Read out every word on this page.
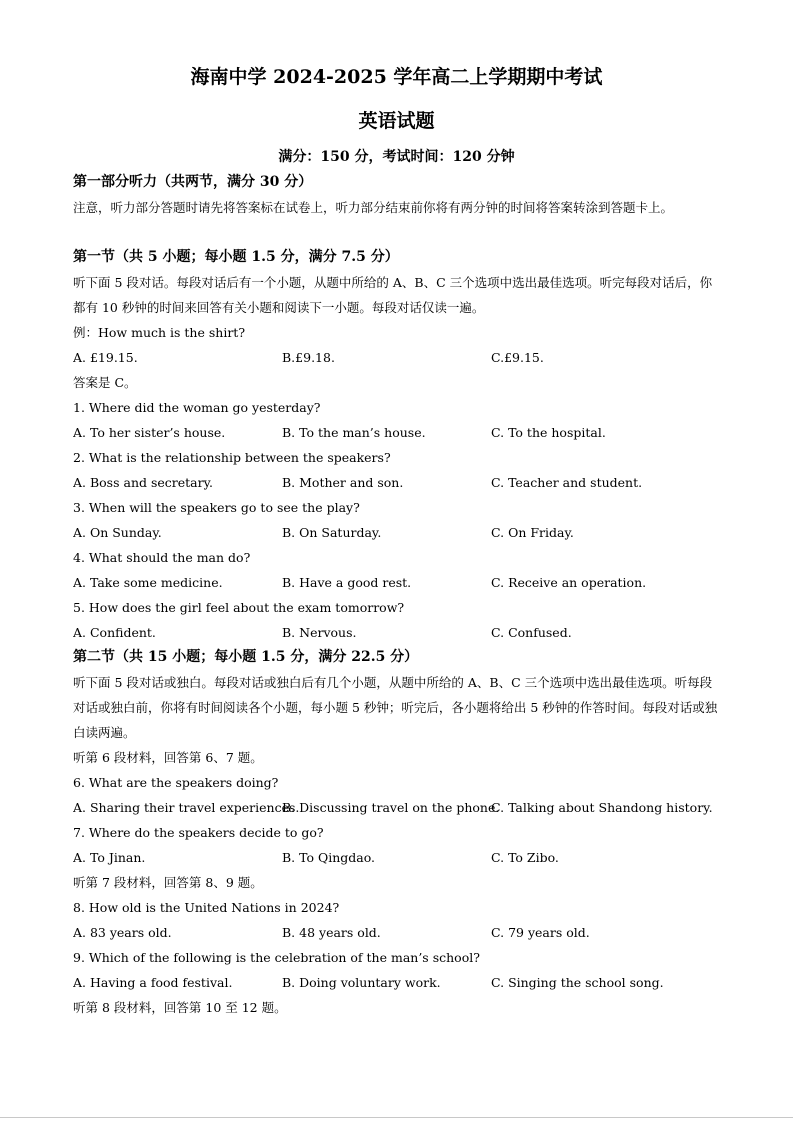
海南中学 2024-2025 学年高二上学期期中考试
英语试题
满分：150 分，考试时间：120 分钟
第一部分听力（共两节，满分 30 分）
注意，听力部分答题时请先将答案标在试卷上，听力部分结束前你将有两分钟的时间将答案转涂到答题卡上。
第一节（共 5 小题；每小题 1.5 分，满分 7.5 分）
听下面 5 段对话。每段对话后有一个小题，从题中所给的 A、B、C 三个选项中选出最佳选项。听完每段对话后，你都有 10 秒钟的时间来回答有关小题和阅读下一小题。每段对话仅读一遍。
例：How much is the shirt?
A. £19.15.	B.£9.18.	C.£9.15.
答案是 C。
1. Where did the woman go yesterday?
A. To her sister’s house.	B. To the man’s house.	C. To the hospital.
2. What is the relationship between the speakers?
A. Boss and secretary.	B. Mother and son.	C. Teacher and student.
3. When will the speakers go to see the play?
A. On Sunday.	B. On Saturday.	C. On Friday.
4. What should the man do?
A. Take some medicine.	B. Have a good rest.	C. Receive an operation.
5. How does the girl feel about the exam tomorrow?
A. Confident.	B. Nervous.	C. Confused.
第二节（共 15 小题；每小题 1.5 分，满分 22.5 分）
听下面 5 段对话或独白。每段对话或独白后有几个小题，从题中所给的 A、B、C 三个选项中选出最佳选项。听每段对话或独白前，你将有时间阅读各个小题，每小题 5 秒钟；听完后，各小题将给出 5 秒钟的作答时间。每段对话或独白读两遍。
听第 6 段材料，回答第 6、7 题。
6. What are the speakers doing?
A. Sharing their travel experiences.
B. Discussing travel on the phone.
C. Talking about Shandong history.
7. Where do the speakers decide to go?
A. To Jinan.	B. To Qingdao.	C. To Zibo.
听第 7 段材料，回答第 8、9 题。
8. How old is the United Nations in 2024?
A. 83 years old.	B. 48 years old.	C. 79 years old.
9. Which of the following is the celebration of the man’s school?
A. Having a food festival.	B. Doing voluntary work.	C. Singing the school song.
听第 8 段材料，回答第 10 至 12 题。
